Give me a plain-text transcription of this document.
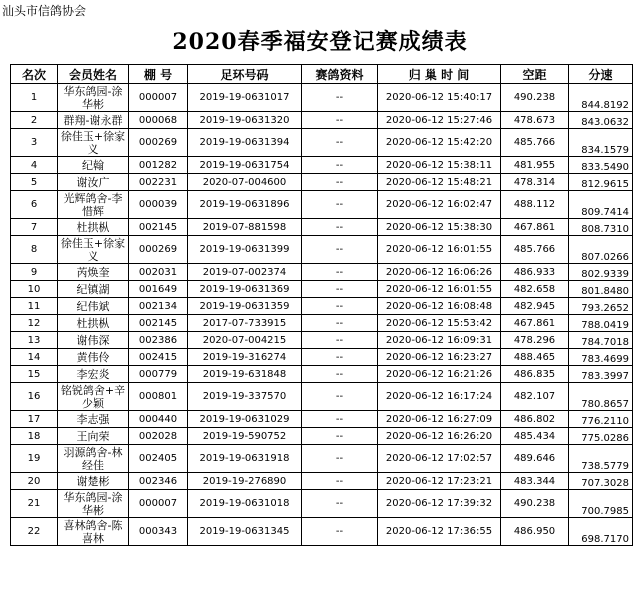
汕头市信鸽协会
2020春季福安登记赛成绩表
名次	会员姓名	棚 号	足环号码	赛鸽资料	归 巢 时 间	空距	分速
1	华东鸽园-涂华彬	000007	2019-19-0631017	--	2020-06-12 15:40:17	490.238	844.8192
2	群翔-谢永群	000068	2019-19-0631320	--	2020-06-12 15:27:46	478.673	843.0632
3	徐佳玉+徐家义	000269	2019-19-0631394	--	2020-06-12 15:42:20	485.766	834.1579
4	纪翰	001282	2019-19-0631754	--	2020-06-12 15:38:11	481.955	833.5490
5	谢汝广	002231	2020-07-004600	--	2020-06-12 15:48:21	478.314	812.9615
6	光辉鸽舍-李惜辉	000039	2019-19-0631896	--	2020-06-12 16:02:47	488.112	809.7414
7	杜拱枞	002145	2019-07-881598	--	2020-06-12 15:38:30	467.861	808.7310
8	徐佳玉+徐家义	000269	2019-19-0631399	--	2020-06-12 16:01:55	485.766	807.0266
9	芮焕奎	002031	2019-07-002374	--	2020-06-12 16:06:26	486.933	802.9339
10	纪镇湖	001649	2019-19-0631369	--	2020-06-12 16:01:55	482.658	801.8480
11	纪伟斌	002134	2019-19-0631359	--	2020-06-12 16:08:48	482.945	793.2652
12	杜拱枞	002145	2017-07-733915	--	2020-06-12 15:53:42	467.861	788.0419
13	谢伟深	002386	2020-07-004215	--	2020-06-12 16:09:31	478.296	784.7018
14	黄伟伶	002415	2019-19-316274	--	2020-06-12 16:23:27	488.465	783.4699
15	李宏炎	000779	2019-19-631848	--	2020-06-12 16:21:26	486.835	783.3997
16	铭锐鸽舍+辛少颖	000801	2019-19-337570	--	2020-06-12 16:17:24	482.107	780.8657
17	李志强	000440	2019-19-0631029	--	2020-06-12 16:27:09	486.802	776.2110
18	王向荣	002028	2019-19-590752	--	2020-06-12 16:26:20	485.434	775.0286
19	羽源鸽舍-林经佳	002405	2019-19-0631918	--	2020-06-12 17:02:57	489.646	738.5779
20	谢楚彬	002346	2019-19-276890	--	2020-06-12 17:23:21	483.344	707.3028
21	华东鸽园-涂华彬	000007	2019-19-0631018	--	2020-06-12 17:39:32	490.238	700.7985
22	喜林鸽舍-陈喜林	000343	2019-19-0631345	--	2020-06-12 17:36:55	486.950	698.7170
